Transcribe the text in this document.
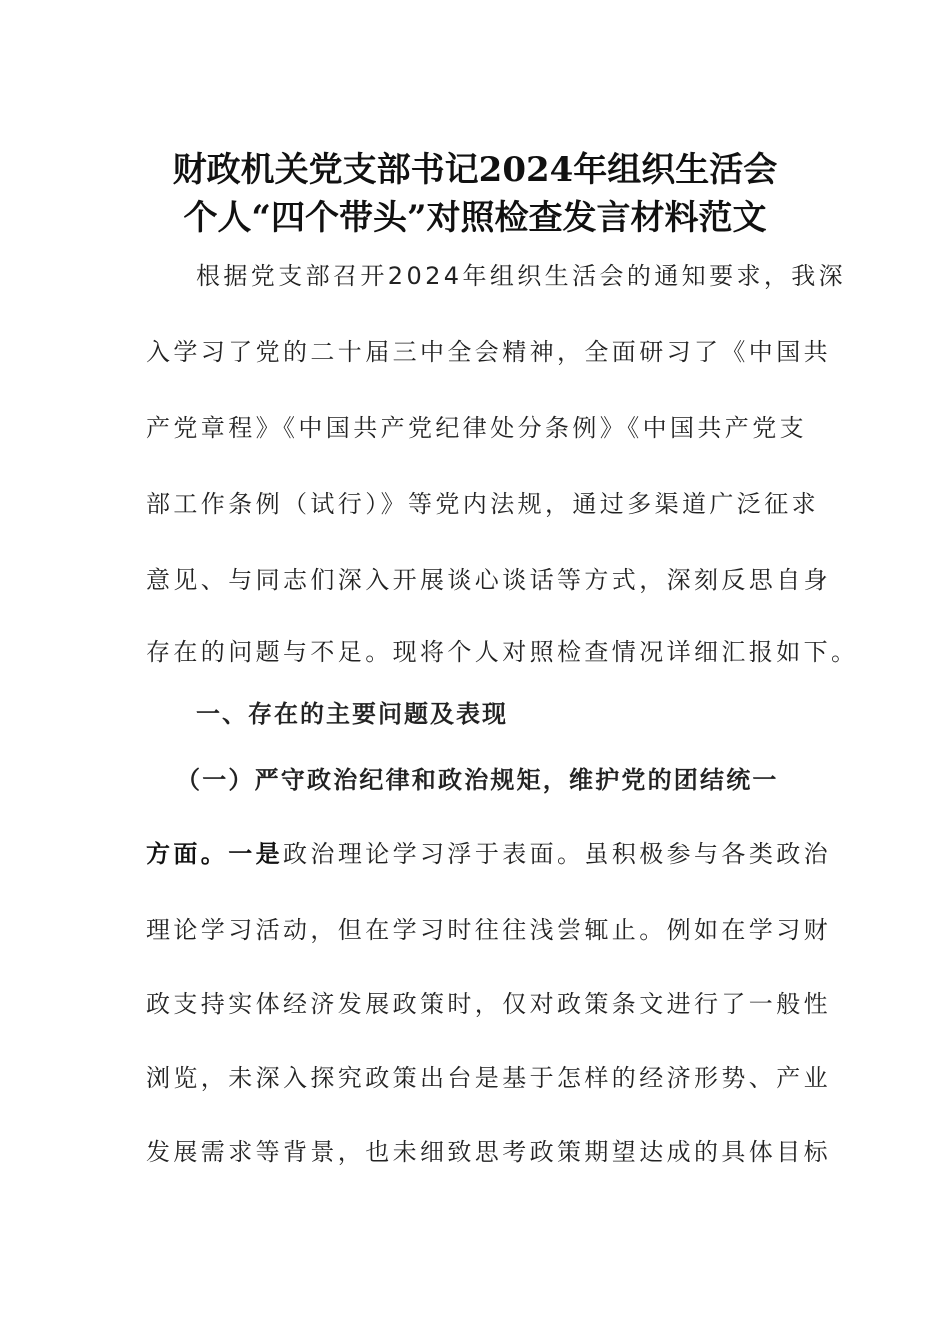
财政机关党支部书记2024年组织生活会
个人“四个带头”对照检查发言材料范文
根据党支部召开2024年组织生活会的通知要求，我深
入学习了党的二十届三中全会精神，全面研习了《中国共
产党章程》《中国共产党纪律处分条例》《中国共产党支
部工作条例（试行）》等党内法规，通过多渠道广泛征求
意见、与同志们深入开展谈心谈话等方式，深刻反思自身
存在的问题与不足。现将个人对照检查情况详细汇报如下。
一、存在的主要问题及表现
（一）严守政治纪律和政治规矩，维护党的团结统一
方面。一是政治理论学习浮于表面。虽积极参与各类政治
理论学习活动，但在学习时往往浅尝辄止。例如在学习财
政支持实体经济发展政策时，仅对政策条文进行了一般性
浏览，未深入探究政策出台是基于怎样的经济形势、产业
发展需求等背景，也未细致思考政策期望达成的具体目标
